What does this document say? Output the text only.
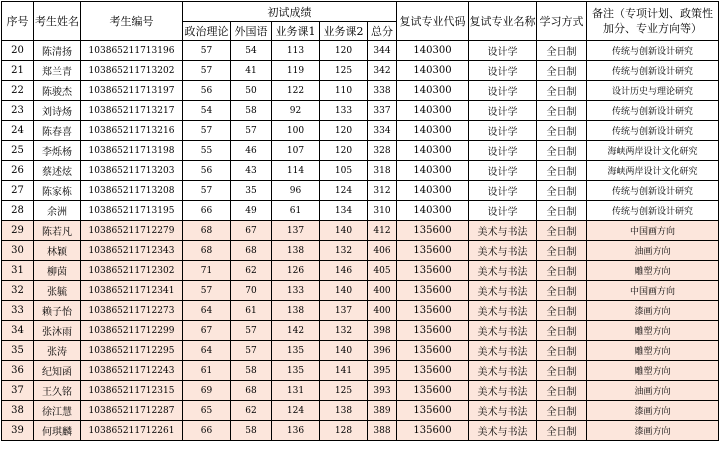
序号	考生姓名	考生编号	初试成绩					复试专业代码	复试专业名称	学习方式	备注（专项计划、政策性加分、专业方向等）
			政治理论	外国语	业务课1	业务课2	总分				
20	陈清扬	103865211713196	57	54	113	120	344	140300	设计学	全日制	传统与创新设计研究
21	郑兰青	103865211713202	57	41	119	125	342	140300	设计学	全日制	传统与创新设计研究
22	陈骏杰	103865211713197	56	50	122	110	338	140300	设计学	全日制	设计历史与理论研究
23	刘诗炀	103865211713217	54	58	92	133	337	140300	设计学	全日制	传统与创新设计研究
24	陈春喜	103865211713216	57	57	100	120	334	140300	设计学	全日制	传统与创新设计研究
25	李烁杨	103865211713198	55	46	107	120	328	140300	设计学	全日制	海峡两岸设计文化研究
26	蔡述炫	103865211713203	56	43	114	105	318	140300	设计学	全日制	海峡两岸设计文化研究
27	陈家栋	103865211713208	57	35	96	124	312	140300	设计学	全日制	传统与创新设计研究
28	余洲	103865211713195	66	49	61	134	310	140300	设计学	全日制	传统与创新设计研究
29	陈若凡	103865211712279	68	67	137	140	412	135600	美术与书法	全日制	中国画方向
30	林颖	103865211712343	68	68	138	132	406	135600	美术与书法	全日制	油画方向
31	柳茵	103865211712302	71	62	126	146	405	135600	美术与书法	全日制	雕塑方向
32	张毓	103865211712341	57	70	133	140	400	135600	美术与书法	全日制	中国画方向
33	赖子怡	103865211712273	64	61	138	137	400	135600	美术与书法	全日制	漆画方向
34	张沐雨	103865211712299	67	57	142	132	398	135600	美术与书法	全日制	雕塑方向
35	张涛	103865211712295	64	57	135	140	396	135600	美术与书法	全日制	雕塑方向
36	纪知函	103865211712243	61	58	135	141	395	135600	美术与书法	全日制	雕塑方向
37	王久铭	103865211712315	69	68	131	125	393	135600	美术与书法	全日制	油画方向
38	徐江慧	103865211712287	65	62	124	138	389	135600	美术与书法	全日制	漆画方向
39	何琪麟	103865211712261	66	58	136	128	388	135600	美术与书法	全日制	漆画方向
